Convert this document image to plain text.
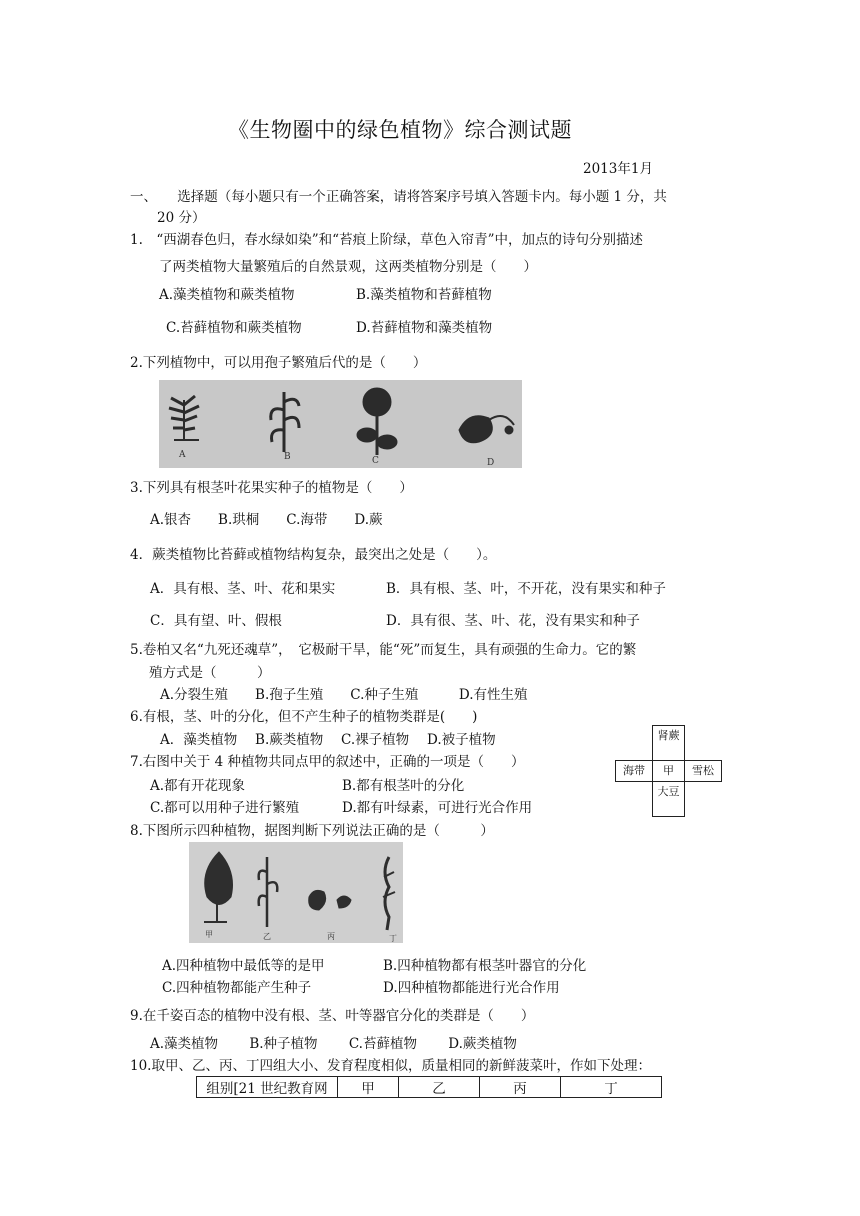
《生物圈中的绿色植物》综合测试题
2013年1月
一、　　选择题（每小题只有一个正确答案，请将答案序号填入答题卡内。每小题 1 分，共
20 分）
1.　“西湖春色归，春水绿如染”和“苔痕上阶绿，草色入帘青”中，加点的诗句分别描述
了两类植物大量繁殖后的自然景观，这两类植物分别是（　　）
A.藻类植物和蕨类植物	B.藻类植物和苔藓植物
C.苔藓植物和蕨类植物	D.苔藓植物和藻类植物
2.下列植物中，可以用孢子繁殖后代的是（　　）
A	B	C	D
3.下列具有根茎叶花果实种子的植物是（　　）
A.银杏　　B.珙桐　　C.海带　　D.蕨
4．蕨类植物比苔藓或植物结构复杂，最突出之处是（　　）。
A．具有根、茎、叶、花和果实	B．具有根、茎、叶，不开花，没有果实和种子
C．具有望、叶、假根	D．具有很、茎、叶、花，没有果实和种子
5.卷柏又名“九死还魂草”，　它极耐干旱，能“死”而复生，具有顽强的生命力。它的繁
殖方式是（　　　）
A.分裂生殖　　B.孢子生殖　　C.种子生殖　　　D.有性生殖
6.有根，茎、叶的分化，但不产生种子的植物类群是(　　)
A．藻类植物　 B.蕨类植物　 C.裸子植物　 D.被子植物
7.右图中关于 4 种植物共同点甲的叙述中，正确的一项是（　　）
A.都有开花现象	B.都有根茎叶的分化
C.都可以用种子进行繁殖	D.都有叶绿素，可进行光合作用
肾蕨
海带	甲	雪松
大豆
8.下图所示四种植物，据图判断下列说法正确的是（　　　）
甲	乙	丙	丁
A.四种植物中最低等的是甲	B.四种植物都有根茎叶器官的分化
C.四种植物都能产生种子	D.四种植物都能进行光合作用
9.在千姿百态的植物中没有根、茎、叶等器官分化的类群是（　　）
A.藻类植物　　 B.种子植物　　 C.苔藓植物　　 D.蕨类植物
10.取甲、乙、丙、丁四组大小、发育程度相似，质量相同的新鲜菠菜叶，作如下处理：
组别[21 世纪教育网	甲	乙	丙	丁
